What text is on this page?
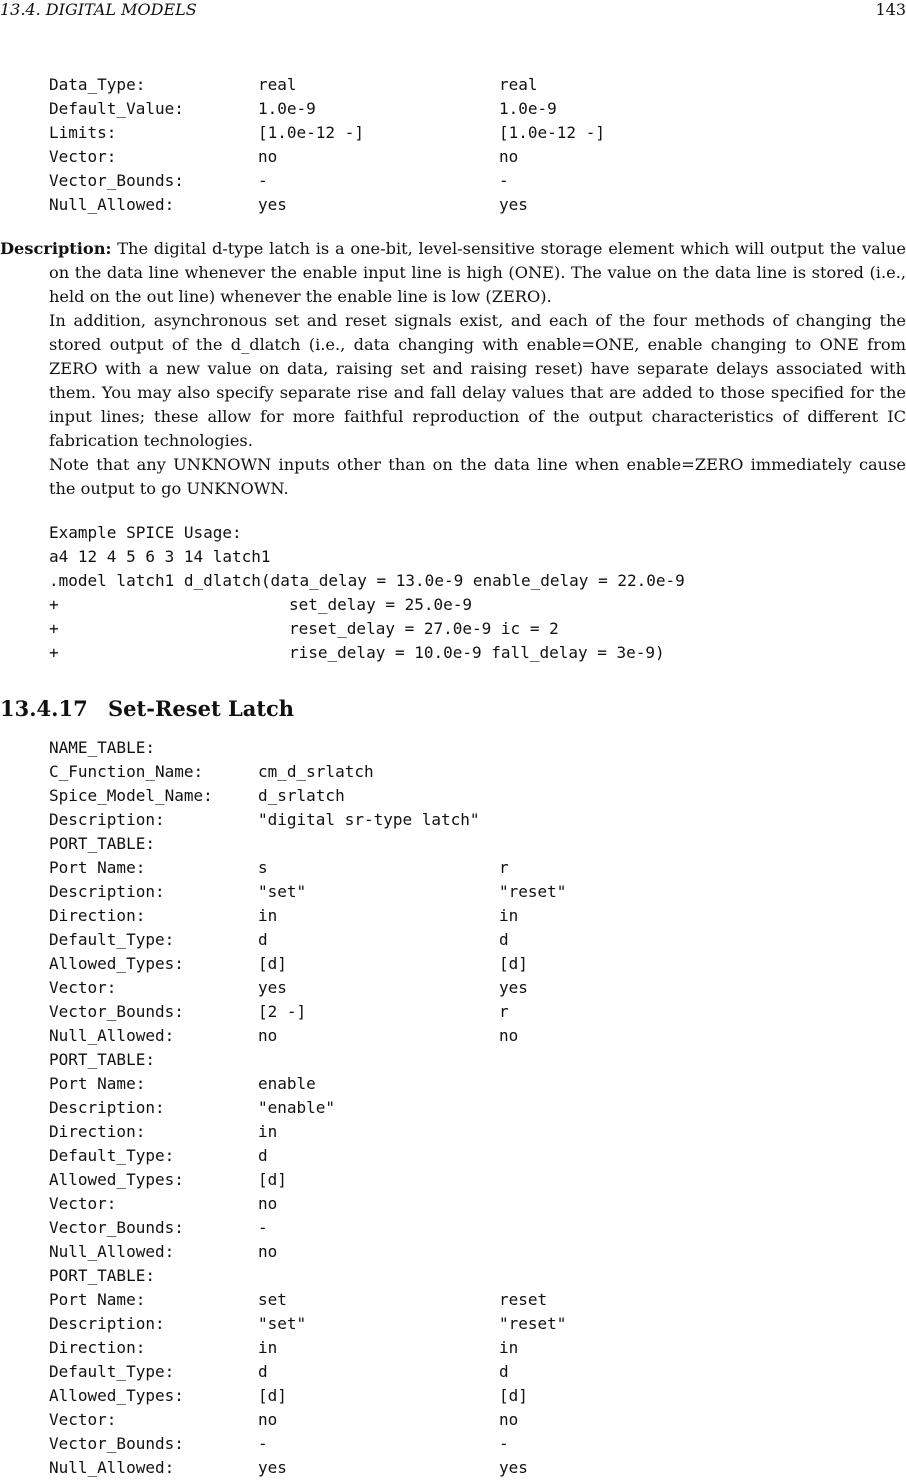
13.4. DIGITAL MODELS	143
Data_Type:	real	real
Default_Value:	1.0e-9	1.0e-9
Limits:	[1.0e-12 -]	[1.0e-12 -]
Vector:	no	no
Vector_Bounds:	-	-
Null_Allowed:	yes	yes

Description: The digital d-type latch is a one-bit, level-sensitive storage element which will output the value on the data line whenever the enable input line is high (ONE). The value on the data line is stored (i.e., held on the out line) whenever the enable line is low (ZERO).

In addition, asynchronous set and reset signals exist, and each of the four methods of changing the stored output of the d_dlatch (i.e., data changing with enable=ONE, enable changing to ONE from ZERO with a new value on data, raising set and raising reset) have separate delays associated with them. You may also specify separate rise and fall delay values that are added to those specified for the input lines; these allow for more faithful reproduction of the output characteristics of different IC fabrication technologies.

Note that any UNKNOWN inputs other than on the data line when enable=ZERO immediately cause the output to go UNKNOWN.

Example SPICE Usage:
a4 12 4 5 6 3 14 latch1
.model latch1 d_dlatch(data_delay = 13.0e-9 enable_delay = 22.0e-9
+	set_delay = 25.0e-9
+	reset_delay = 27.0e-9 ic = 2
+	rise_delay = 10.0e-9 fall_delay = 3e-9)
13.4.17 Set-Reset Latch
NAME_TABLE:
C_Function_Name:	cm_d_srlatch
Spice_Model_Name:	d_srlatch
Description:	"digital sr-type latch"
PORT_TABLE:
Port Name:	s	r
Description:	"set"	"reset"
Direction:	in	in
Default_Type:	d	d
Allowed_Types:	[d]	[d]
Vector:	yes	yes
Vector_Bounds:	[2 -]	r
Null_Allowed:	no	no
PORT_TABLE:
Port Name:	enable
Description:	"enable"
Direction:	in
Default_Type:	d
Allowed_Types:	[d]
Vector:	no
Vector_Bounds:	-
Null_Allowed:	no
PORT_TABLE:
Port Name:	set	reset
Description:	"set"	"reset"
Direction:	in	in
Default_Type:	d	d
Allowed_Types:	[d]	[d]
Vector:	no	no
Vector_Bounds:	-	-
Null_Allowed:	yes	yes
